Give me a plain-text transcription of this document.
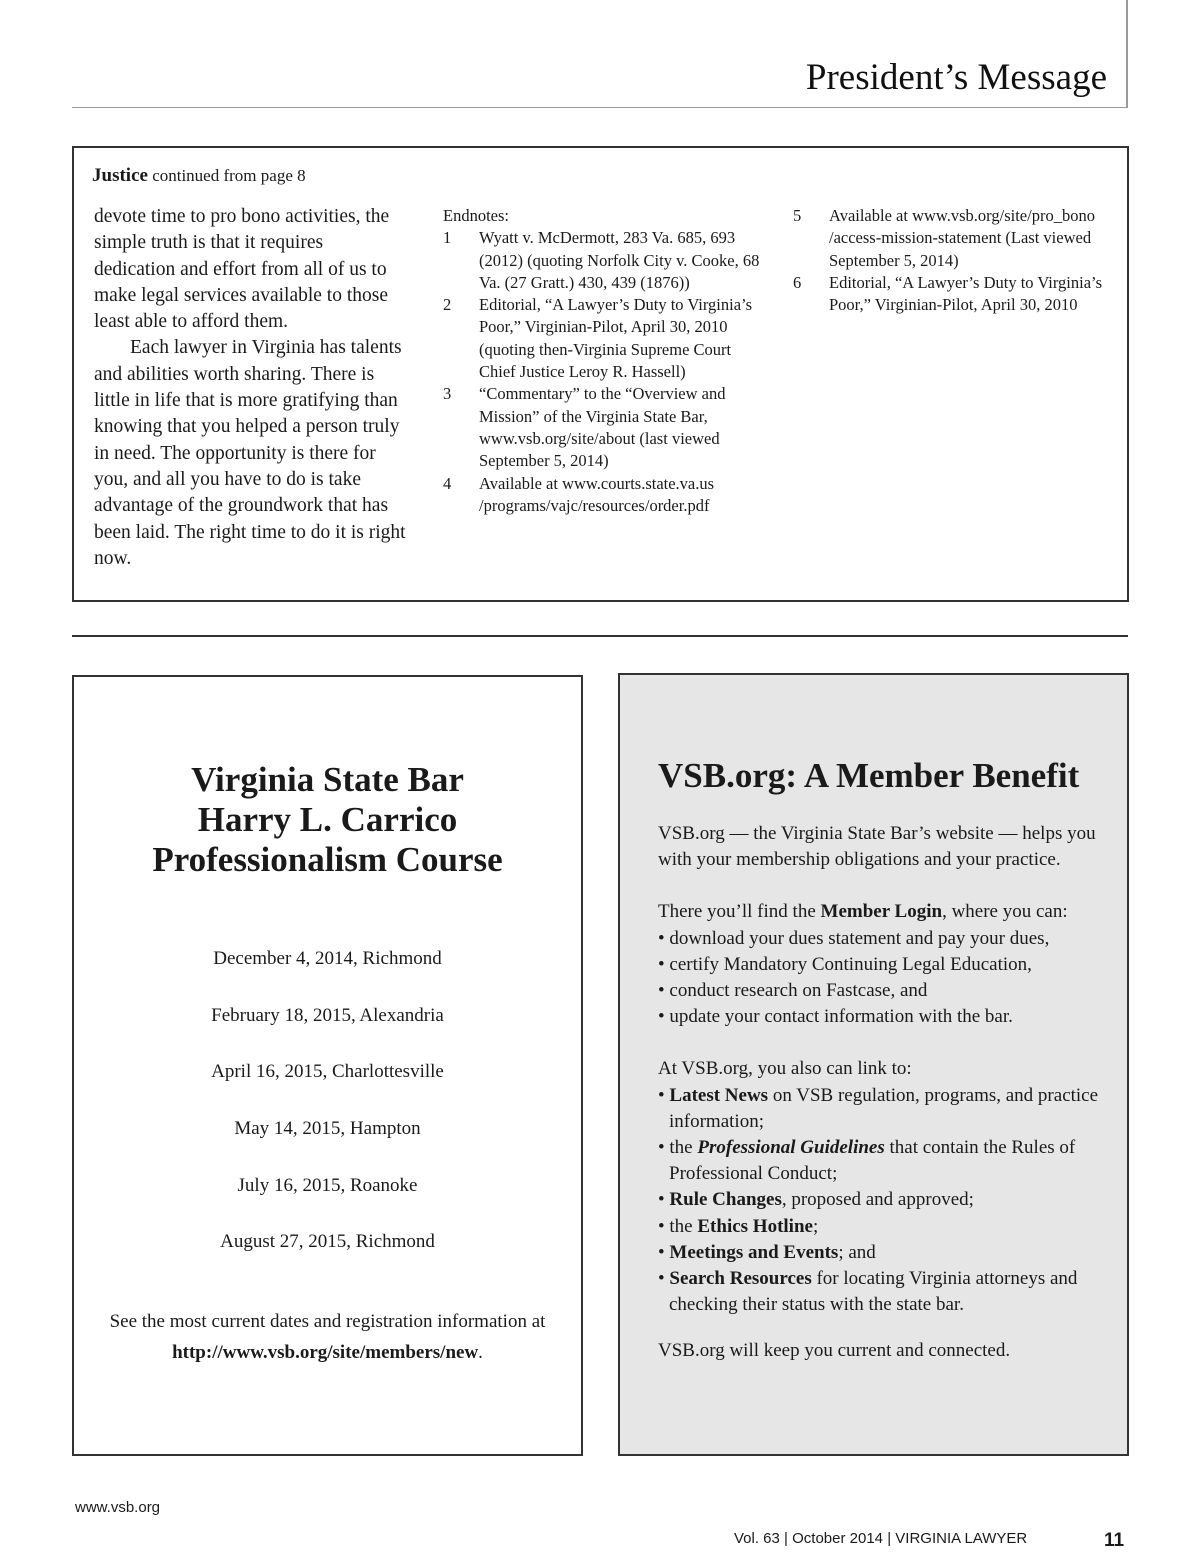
President’s Message
Justice continued from page 8

devote time to pro bono activities, the simple truth is that it requires dedication and effort from all of us to make legal services available to those least able to afford them.

Each lawyer in Virginia has talents and abilities worth sharing. There is little in life that is more gratifying than knowing that you helped a person truly in need. The opportunity is there for you, and all you have to do is take advantage of the groundwork that has been laid. The right time to do it is right now.

Endnotes:

1	Wyatt v. McDermott, 283 Va. 685, 693 (2012) (quoting Norfolk City v. Cooke, 68 Va. (27 Gratt.) 430, 439 (1876))
2	Editorial, “A Lawyer’s Duty to Virginia’s Poor,” Virginian-Pilot, April 30, 2010 (quoting then-Virginia Supreme Court Chief Justice Leroy R. Hassell)
3	“Commentary” to the “Overview and Mission” of the Virginia State Bar, www.vsb.org/site/about (last viewed September 5, 2014)
4	Available at www.courts.state.va.us /programs/vajc/resources/order.pdf
5	Available at www.vsb.org/site/pro_bono /access-mission-statement (Last viewed September 5, 2014)
6	Editorial, “A Lawyer’s Duty to Virginia’s Poor,” Virginian-Pilot, April 30, 2010
Virginia State Bar
Harry L. Carrico
Professionalism Course
December 4, 2014, Richmond
February 18, 2015, Alexandria
April 16, 2015, Charlottesville
May 14, 2015, Hampton
July 16, 2015, Roanoke
August 27, 2015, Richmond
See the most current dates and registration information at
http://www.vsb.org/site/members/new.
VSB.org: A Member Benefit

VSB.org — the Virginia State Bar’s website — helps you with your membership obligations and your practice.

There you’ll find the Member Login, where you can:

• download your dues statement and pay your dues,

• certify Mandatory Continuing Legal Education,

• conduct research on Fastcase, and

• update your contact information with the bar.

At VSB.org, you also can link to:

• Latest News on VSB regulation, programs, and practice information;

• the Professional Guidelines that contain the Rules of Professional Conduct;

• Rule Changes, proposed and approved;

• the Ethics Hotline;

• Meetings and Events; and

• Search Resources for locating Virginia attorneys and checking their status with the state bar.

VSB.org will keep you current and connected.

www.vsb.org
Vol. 63 | October 2014 | VIRGINIA LAWYER	11
